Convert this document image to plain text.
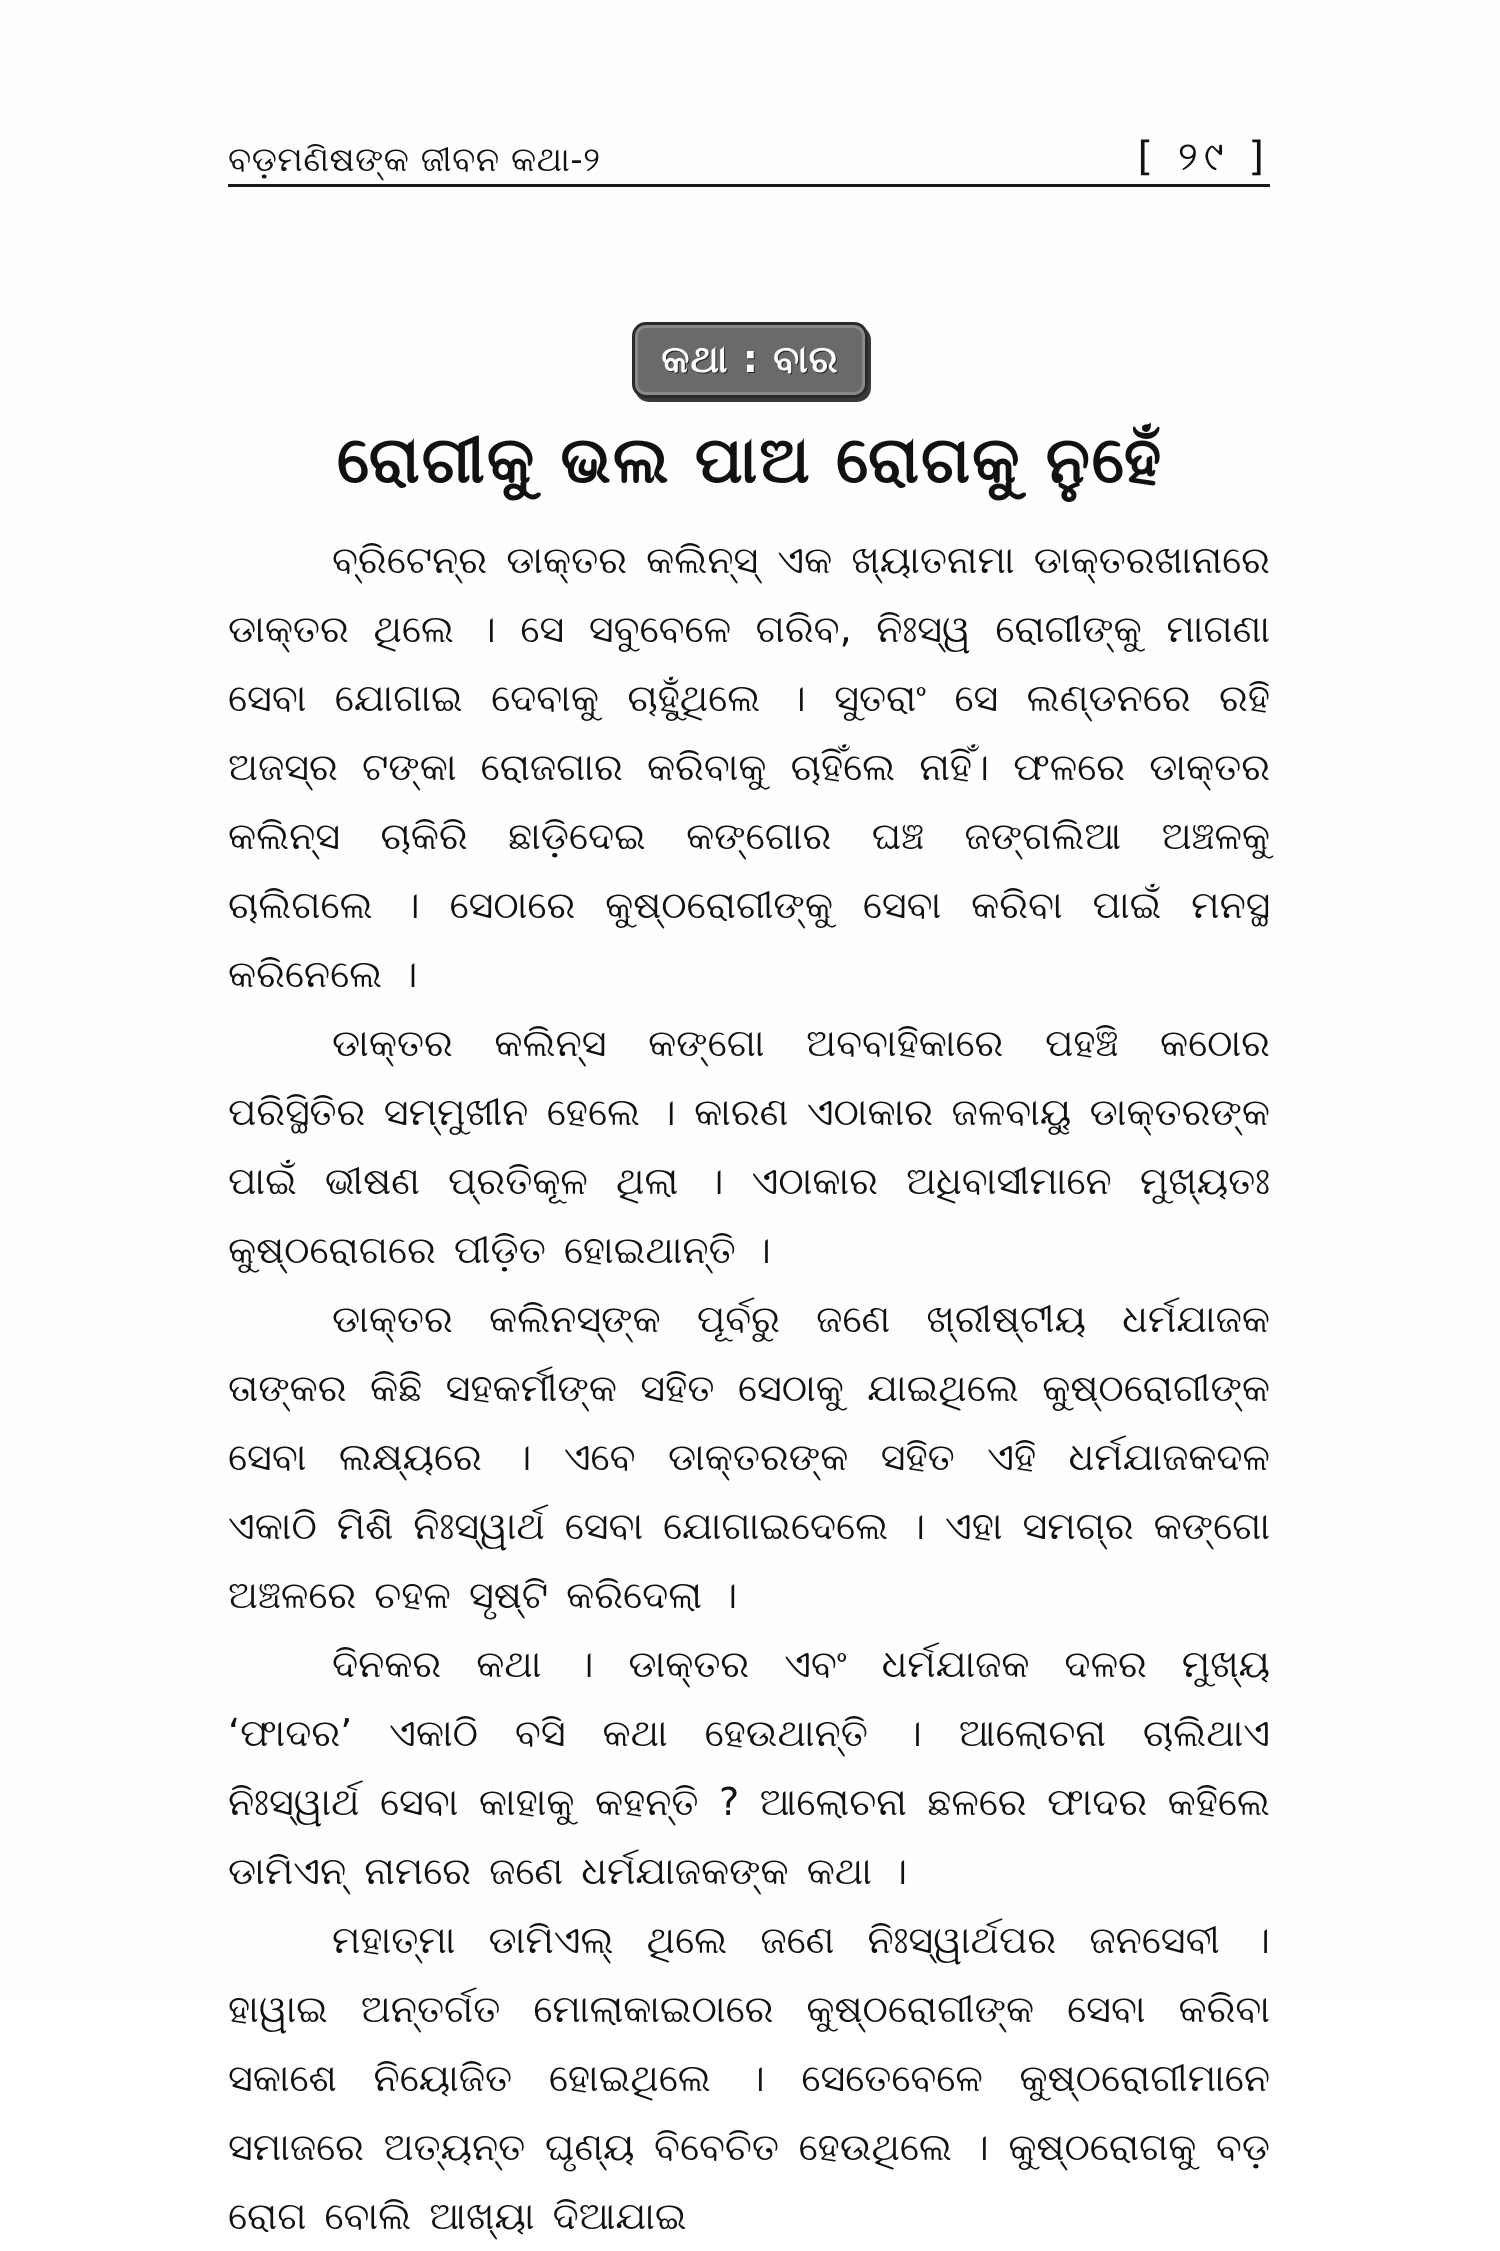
ବଡ଼ମଣିଷଙ୍କ ଜୀବନ କଥା-୨	[ ୨୯ ]
କଥା : ବାର
ରୋଗୀକୁ ଭଲ ପାଅ ରୋଗକୁ ନୁହେଁ

ବ୍ରିଟେନ୍‌ର ଡାକ୍ତର କଲିନ୍‌ସ୍ ଏକ ଖ୍ୟାତନାମା ଡାକ୍ତରଖାନାରେ ଡାକ୍ତର ଥିଲେ । ସେ ସବୁବେଳେ ଗରିବ, ନିଃସ୍ୱ ରୋଗୀଙ୍କୁ ମାଗଣା ସେବା ଯୋଗାଇ ଦେବାକୁ ଚାହୁଁଥିଲେ । ସୁତରାଂ ସେ ଲଣ୍ଡନରେ ରହି ଅଜସ୍ର ଟଙ୍କା ରୋଜଗାର କରିବାକୁ ଚାହିଁଲେ ନାହିଁ। ଫଳରେ ଡାକ୍ତର କଲିନ୍‌ସ ଚାକିରି ଛାଡ଼ିଦେଇ କଙ୍ଗୋର ଘଞ୍ଚ ଜଙ୍ଗଲିଆ ଅଞ୍ଚଳକୁ ଚାଲିଗଲେ । ସେଠାରେ କୁଷ୍ଠରୋଗୀଙ୍କୁ ସେବା କରିବା ପାଇଁ ମନସ୍ଥ କରିନେଲେ ।

ଡାକ୍ତର କଲିନ୍‌ସ କଙ୍ଗୋ ଅବବାହିକାରେ ପହଞ୍ଚି କଠୋର ପରିସ୍ଥିତିର ସମ୍ମୁଖୀନ ହେଲେ । କାରଣ ଏଠାକାର ଜଳବାୟୁ ଡାକ୍ତରଙ୍କ ପାଇଁ ଭୀଷଣ ପ୍ରତିକୂଳ ଥିଲା । ଏଠାକାର ଅଧିବାସୀମାନେ ମୁଖ୍ୟତଃ କୁଷ୍ଠରୋଗରେ ପୀଡ଼ିତ ହୋଇଥାନ୍ତି ।

ଡାକ୍ତର କଲିନସ୍‌ଙ୍କ ପୂର୍ବରୁ ଜଣେ ଖ୍ରୀଷ୍ଟୀୟ ଧର୍ମଯାଜକ ତାଙ୍କର କିଛି ସହକର୍ମୀଙ୍କ ସହିତ ସେଠାକୁ ଯାଇଥିଲେ କୁଷ୍ଠରୋଗୀଙ୍କ ସେବା ଲକ୍ଷ୍ୟରେ । ଏବେ ଡାକ୍ତରଙ୍କ ସହିତ ଏହି ଧର୍ମଯାଜକଦଳ ଏକାଠି ମିଶି ନିଃସ୍ୱାର୍ଥ ସେବା ଯୋଗାଇଦେଲେ । ଏହା ସମଗ୍ର କଙ୍ଗୋ ଅଞ୍ଚଳରେ ଚହଳ ସୃଷ୍ଟି କରିଦେଲା ।

ଦିନକର କଥା । ଡାକ୍ତର ଏବଂ ଧର୍ମଯାଜକ ଦଳର ମୁଖ୍ୟ ‘ଫାଦର’ ଏକାଠି ବସି କଥା ହେଉଥାନ୍ତି । ଆଲୋଚନା ଚାଲିଥାଏ ନିଃସ୍ୱାର୍ଥ ସେବା କାହାକୁ କହନ୍ତି ? ଆଲୋଚନା ଛଳରେ ଫାଦର କହିଲେ ଡାମିଏନ୍ ନାମରେ ଜଣେ ଧର୍ମଯାଜକଙ୍କ କଥା ।

ମହାତ୍ମା ଡାମିଏଲ୍ ଥିଲେ ଜଣେ ନିଃସ୍ୱାର୍ଥପର ଜନସେବୀ । ହାୱାଇ ଅନ୍ତର୍ଗତ ମୋଲାକାଇଠାରେ କୁଷ୍ଠରୋଗୀଙ୍କ ସେବା କରିବା ସକାଶେ ନିୟୋଜିତ ହୋଇଥିଲେ । ସେତେବେଳେ କୁଷ୍ଠରୋଗୀମାନେ ସମାଜରେ ଅତ୍ୟନ୍ତ ଘୃଣ୍ୟ ବିବେଚିତ ହେଉଥିଲେ । କୁଷ୍ଠରୋଗକୁ ବଡ଼ ରୋଗ ବୋଲି ଆଖ୍ୟା ଦିଆଯାଇ
